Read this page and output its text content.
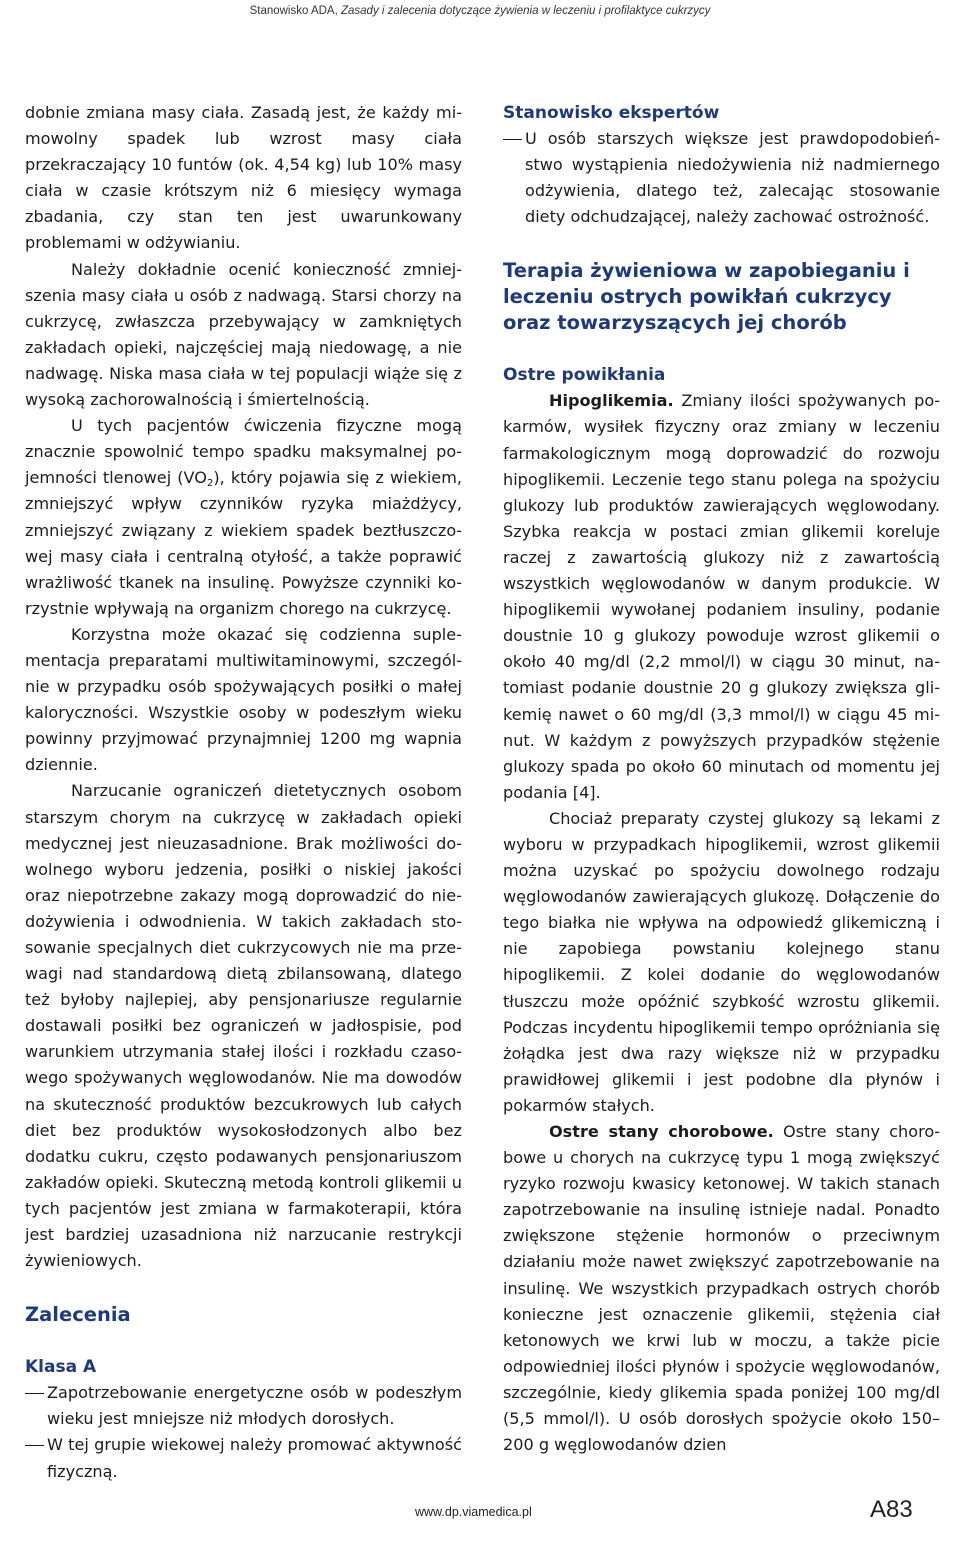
Stanowisko ADA, Zasady i zalecenia dotyczące żywienia w leczeniu i profilaktyce cukrzycy

dobnie zmiana masy ciała. Zasadą jest, że każdy mimowolny spadek lub wzrost masy ciała przekraczający 10 funtów (ok. 4,54 kg) lub 10% masy ciała w czasie krótszym niż 6 miesięcy wymaga zbadania, czy stan ten jest uwarunkowany problemami w odżywianiu.

Należy dokładnie ocenić konieczność zmniejszenia masy ciała u osób z nadwagą. Starsi chorzy na cukrzycę, zwłaszcza przebywający w zamkniętych zakładach opieki, najczęściej mają niedowagę, a nie nadwagę. Niska masa ciała w tej populacji wiąże się z wysoką zachorowalnością i śmiertelnością.

U tych pacjentów ćwiczenia fizyczne mogą znacznie spowolnić tempo spadku maksymalnej pojemności tlenowej $(VO_2)$, który pojawia się z wiekiem, zmniejszyć wpływ czynników ryzyka miażdżycy, zmniejszyć związany z wiekiem spadek beztłuszczowej masy ciała i centralną otyłość, a także poprawić wrażliwość tkanek na insulinę. Powyższe czynniki korzystnie wpływają na organizm chorego na cukrzycę.

Korzystna może okazać się codzienna suplementacja preparatami multiwitaminowymi, szczególnie w przypadku osób spożywających posiłki o małej kaloryczności. Wszystkie osoby w podeszłym wieku powinny przyjmować przynajmniej 1200 mg wapnia dziennie.

Narzucanie ograniczeń dietetycznych osobom starszym chorym na cukrzycę w zakładach opieki medycznej jest nieuzasadnione. Brak możliwości dowolnego wyboru jedzenia, posiłki o niskiej jakości oraz niepotrzebne zakazy mogą doprowadzić do niedożywienia i odwodnienia. W takich zakładach stosowanie specjalnych diet cukrzycowych nie ma przewagi nad standardową dietą zbilansowaną, dlatego też byłoby najlepiej, aby pensjonariusze regularnie dostawali posiłki bez ograniczeń w jadłospisie, pod warunkiem utrzymania stałej ilości i rozkładu czasowego spożywanych węglowodanów. Nie ma dowodów na skuteczność produktów bezcukrowych lub całych diet bez produktów wysokosłodzonych albo bez dodatku cukru, często podawanych pensjonariuszom zakładów opieki. Skuteczną metodą kontroli glikemii u tych pacjentów jest zmiana w farmakoterapii, która jest bardziej uzasadniona niż narzucanie restrykcji żywieniowych.

Zalecenia
Klasa A
Zapotrzebowanie energetyczne osób w podeszłym wieku jest mniejsze niż młodych dorosłych.
W tej grupie wiekowej należy promować aktywność fizyczną.
Stanowisko ekspertów
U osób starszych większe jest prawdopodobieństwo wystąpienia niedożywienia niż nadmiernego odżywienia, dlatego też, zalecając stosowanie diety odchudzającej, należy zachować ostrożność.
Terapia żywieniowa w zapobieganiu i leczeniu ostrych powikłań cukrzycy oraz towarzyszących jej chorób
Ostre powikłania

Hipoglikemia. Zmiany ilości spożywanych pokarmów, wysiłek fizyczny oraz zmiany w leczeniu farmakologicznym mogą doprowadzić do rozwoju hipoglikemii. Leczenie tego stanu polega na spożyciu glukozy lub produktów zawierających węglowodany. Szybka reakcja w postaci zmian glikemii koreluje raczej z zawartością glukozy niż z zawartością wszystkich węglowodanów w danym produkcie. W hipoglikemii wywołanej podaniem insuliny, podanie doustnie 10 g glukozy powoduje wzrost glikemii o około 40 mg/dl (2,2 mmol/l) w ciągu 30 minut, natomiast podanie doustnie 20 g glukozy zwiększa glikemię nawet o 60 mg/dl (3,3 mmol/l) w ciągu 45 minut. W każdym z powyższych przypadków stężenie glukozy spada po około 60 minutach od momentu jej podania [4].

Chociaż preparaty czystej glukozy są lekami z wyboru w przypadkach hipoglikemii, wzrost glikemii można uzyskać po spożyciu dowolnego rodzaju węglowodanów zawierających glukozę. Dołączenie do tego białka nie wpływa na odpowiedź glikemiczną i nie zapobiega powstaniu kolejnego stanu hipoglikemii. Z kolei dodanie do węglowodanów tłuszczu może opóźnić szybkość wzrostu glikemii. Podczas incydentu hipoglikemii tempo opróżniania się żołądka jest dwa razy większe niż w przypadku prawidłowej glikemii i jest podobne dla płynów i pokarmów stałych.

Ostre stany chorobowe. Ostre stany chorobowe u chorych na cukrzycę typu 1 mogą zwiększyć ryzyko rozwoju kwasicy ketonowej. W takich stanach zapotrzebowanie na insulinę istnieje nadal. Ponadto zwiększone stężenie hormonów o przeciwnym działaniu może nawet zwiększyć zapotrzebowanie na insulinę. We wszystkich przypadkach ostrych chorób konieczne jest oznaczenie glikemii, stężenia ciał ketonowych we krwi lub w moczu, a także picie odpowiedniej ilości płynów i spożycie węglowodanów, szczególnie, kiedy glikemia spada poniżej 100 mg/dl (5,5 mmol/l). U osób dorosłych spożycie około 150–200 g węglowodanów dzien

www.dp.viamedica.pl	A83
